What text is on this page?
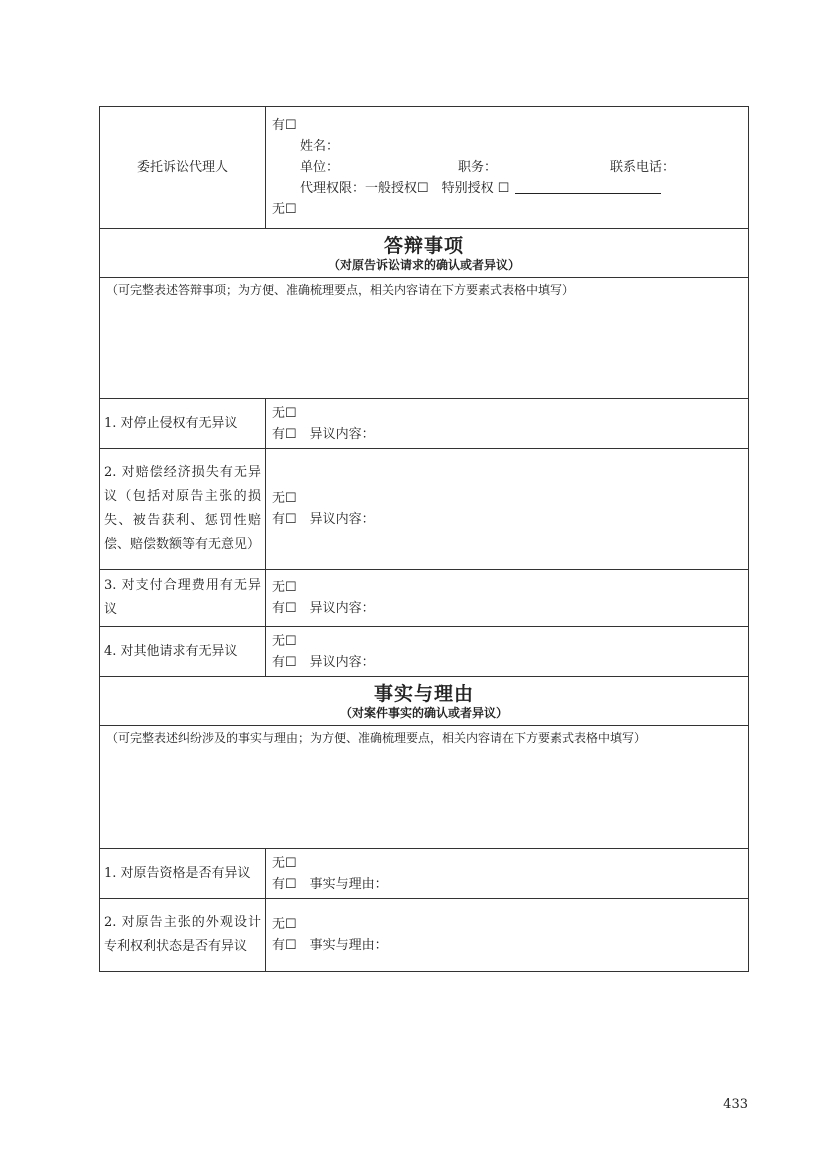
委托诉讼代理人	有☐
姓名：
单位： 职务： 联系电话：
代理权限：一般授权☐　特别授权 ☐
无☐

答辩事项
（对原告诉讼请求的确认或者异议）	

（可完整表述答辩事项；为方便、准确梳理要点，相关内容请在下方要素式表格中填写）	
1. 对停止侵权有无异议	无☐
有☐　异议内容：

2. 对赔偿经济损失有无异议（包括对原告主张的损失、被告获利、惩罚性赔偿、赔偿数额等有无意见）	无☐
有☐　异议内容：

3. 对支付合理费用有无异议	无☐
有☐　异议内容：

4. 对其他请求有无异议	无☐
有☐　异议内容：

事实与理由
（对案件事实的确认或者异议）	

（可完整表述纠纷涉及的事实与理由；为方便、准确梳理要点，相关内容请在下方要素式表格中填写）	
1. 对原告资格是否有异议	无☐
有☐　事实与理由：

2. 对原告主张的外观设计专利权利状态是否有异议	无☐
有☐　事实与理由：
433
